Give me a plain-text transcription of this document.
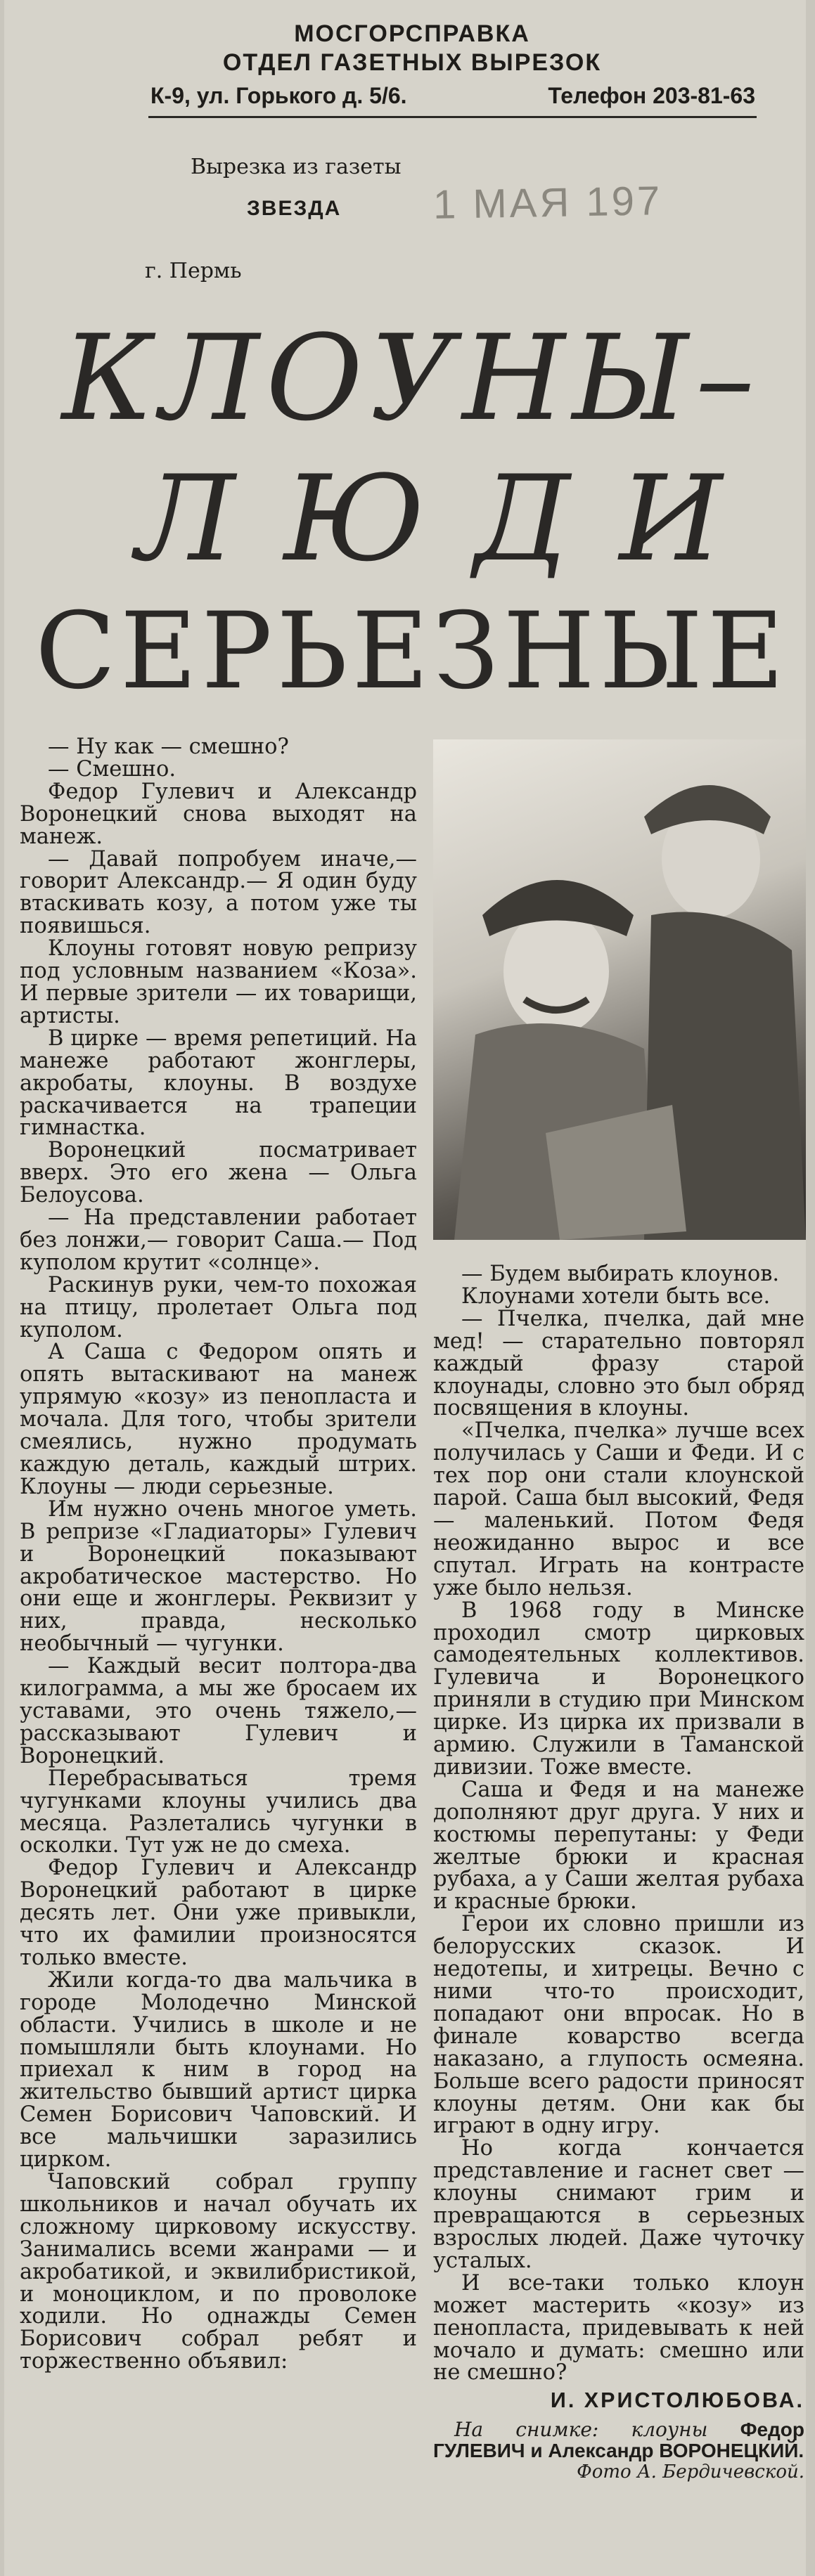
МОСГОРСПРАВКА
ОТДЕЛ ГАЗЕТНЫХ ВЫРЕЗОК
К-9, ул. Горького д. 5/6.	Телефон 203-81-63
Вырезка из газеты
ЗВЕЗДА 1 МАЯ 197
г. Пермь
КЛОУНЫ–
ЛЮДИ
СЕРЬЕЗНЫЕ

— Ну как — смешно?

— Смешно.

Федор Гулевич и Александр Воронецкий снова выходят на манеж.

— Давай попробуем иначе,— говорит Александр.— Я один буду втаскивать козу, а потом уже ты появишься.

Клоуны готовят новую репризу под условным названием «Коза». И первые зрители — их товарищи, артисты.

В цирке — время репетиций. На манеже работают жонглеры, акробаты, клоуны. В воздухе раскачивается на трапеции гимнастка.

Воронецкий посматривает вверх. Это его жена — Ольга Белоусова.

— На представлении работает без лонжи,— говорит Саша.— Под куполом крутит «солнце».

Раскинув руки, чем-то похожая на птицу, пролетает Ольга под куполом.

А Саша с Федором опять и опять вытаскивают на манеж упрямую «козу» из пенопласта и мочала. Для того, чтобы зрители смеялись, нужно продумать каждую деталь, каждый штрих. Клоуны — люди серьезные.

Им нужно очень многое уметь. В репризе «Гладиаторы» Гулевич и Воронецкий показывают акробатическое мастерство. Но они еще и жонглеры. Реквизит у них, правда, несколько необычный — чугунки.

— Каждый весит полтора-два килограмма, а мы же бросаем их уставами, это очень тяжело,— рассказывают Гулевич и Воронецкий.

Перебрасываться тремя чугунками клоуны учились два месяца. Разлетались чугунки в осколки. Тут уж не до смеха.

Федор Гулевич и Александр Воронецкий работают в цирке десять лет. Они уже привыкли, что их фамилии произносятся только вместе.

Жили когда-то два мальчика в городе Молодечно Минской области. Учились в школе и не помышляли быть клоунами. Но приехал к ним в город на жительство бывший артист цирка Семен Борисович Чаповский. И все мальчишки заразились цирком.

Чаповский собрал группу школьников и начал обучать их сложному цирковому искусству. Занимались всеми жанрами — и акробатикой, и эквилибристикой, и моноциклом, и по проволоке ходили. Но однажды Семен Борисович собрал ребят и торжественно объявил:

— Будем выбирать клоунов.

Клоунами хотели быть все.

— Пчелка, пчелка, дай мне мед! — старательно повторял каждый фразу старой клоунады, словно это был обряд посвящения в клоуны.

«Пчелка, пчелка» лучше всех получилась у Саши и Феди. И с тех пор они стали клоунской парой. Саша был высокий, Федя — маленький. Потом Федя неожиданно вырос и все спутал. Играть на контрасте уже было нельзя.

В 1968 году в Минске проходил смотр цирковых самодеятельных коллективов. Гулевича и Воронецкого приняли в студию при Минском цирке. Из цирка их призвали в армию. Служили в Таманской дивизии. Тоже вместе.

Саша и Федя и на манеже дополняют друг друга. У них и костюмы перепутаны: у Феди желтые брюки и красная рубаха, а у Саши желтая рубаха и красные брюки.

Герои их словно пришли из белорусских сказок. И недотепы, и хитрецы. Вечно с ними что-то происходит, попадают они впросак. Но в финале коварство всегда наказано, а глупость осмеяна. Больше всего радости приносят клоуны детям. Они как бы играют в одну игру.

Но когда кончается представление и гаснет свет — клоуны снимают грим и превращаются в серьезных взрослых людей. Даже чуточку усталых.

И все-таки только клоун может мастерить «козу» из пенопласта, придевывать к ней мочало и думать: смешно или не смешно?

И. ХРИСТОЛЮБОВА.

На снимке: клоуны Федор ГУЛЕВИЧ и Александр ВОРОНЕЦКИЙ.

Фото А. Бердичевской.
